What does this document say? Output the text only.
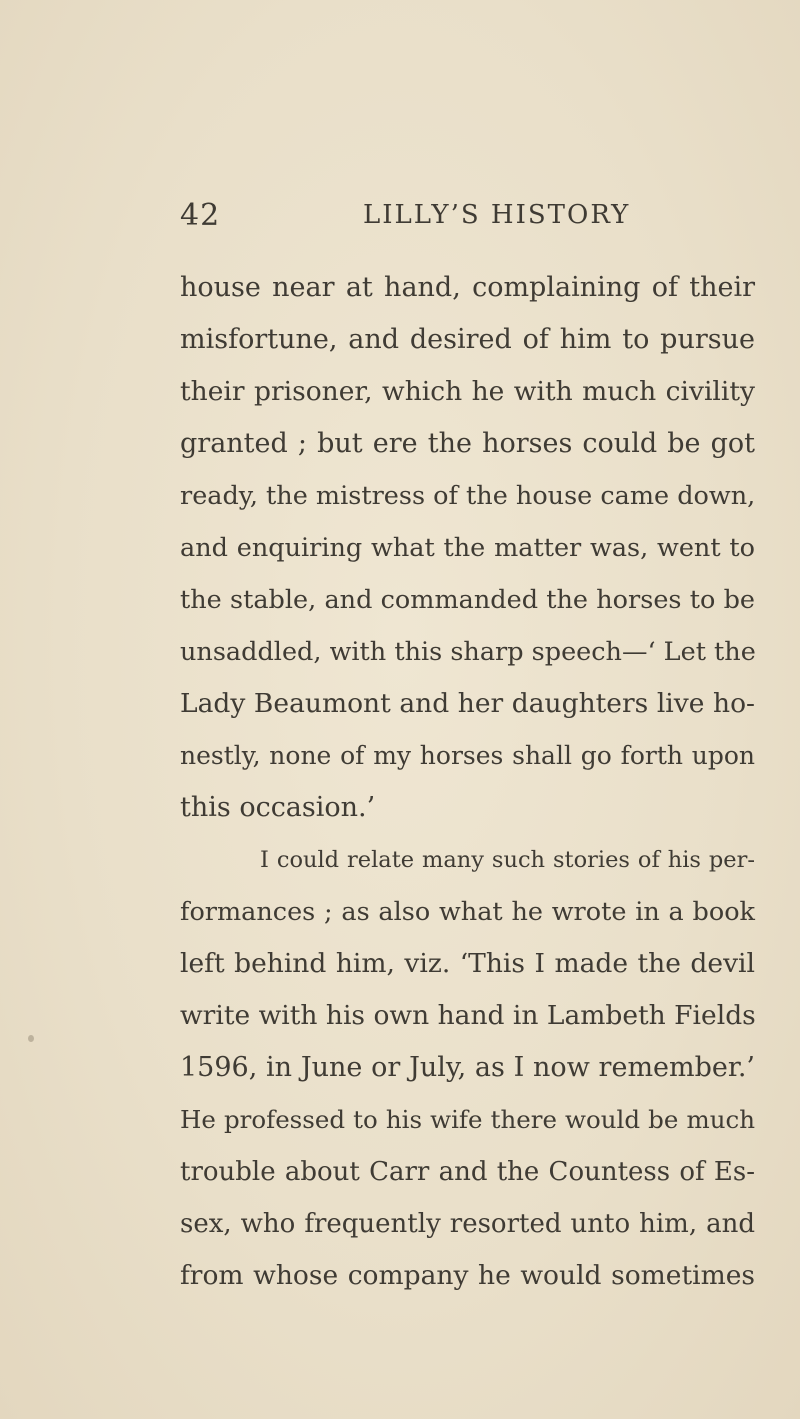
42	LILLY’S HISTORY
house near at hand, complaining of their
misfortune, and desired of him to pursue
their prisoner, which he with much civility
granted ; but ere the horses could be got
ready, the mistress of the house came down,
and enquiring what the matter was, went to
the stable, and commanded the horses to be
unsaddled, with this sharp speech—‘ Let the
Lady Beaumont and her daughters live ho-
nestly, none of my horses shall go forth upon
this occasion.’
I could relate many such stories of his per-
formances ; as also what he wrote in a book
left behind him, viz. ‘This I made the devil
write with his own hand in Lambeth Fields
1596, in June or July, as I now remember.’
He professed to his wife there would be much
trouble about Carr and the Countess of Es-
sex, who frequently resorted unto him, and
from whose company he would sometimes
